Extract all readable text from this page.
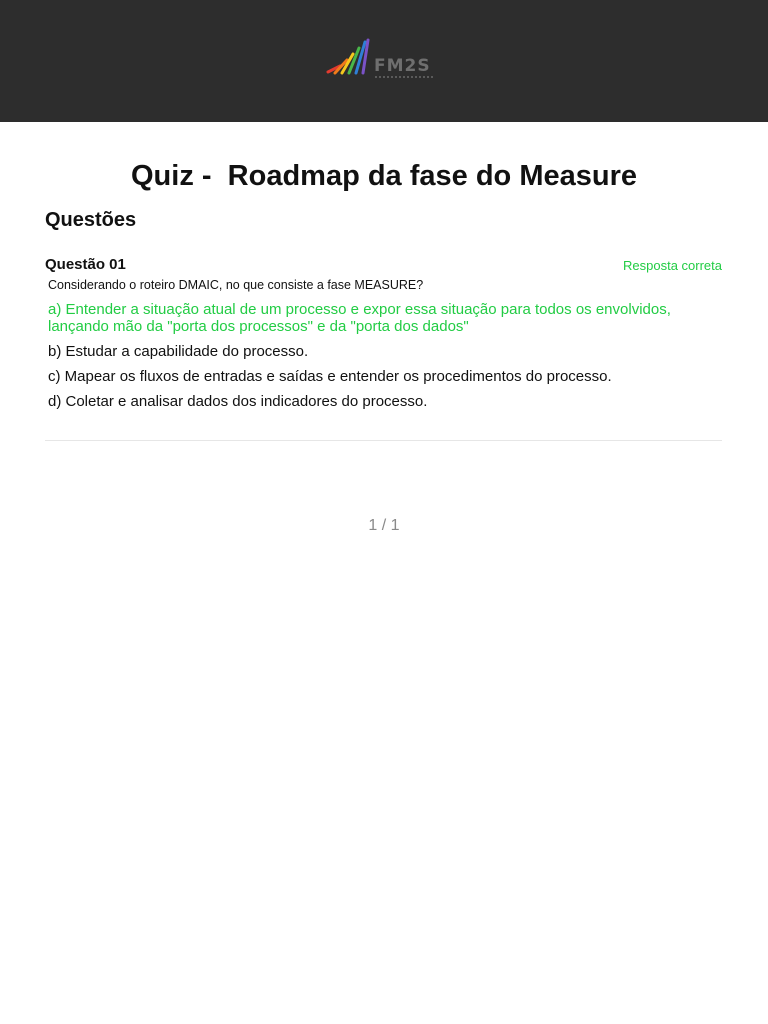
FM2S
Quiz -  Roadmap da fase do Measure
Questões
Questão 01	Resposta correta
Considerando o roteiro DMAIC, no que consiste a fase MEASURE?
a) Entender a situação atual de um processo e expor essa situação para todos os envolvidos, lançando mão da "porta dos processos" e da "porta dos dados"
b) Estudar a capabilidade do processo.
c) Mapear os fluxos de entradas e saídas e entender os procedimentos do processo.
d) Coletar e analisar dados dos indicadores do processo.
1 / 1
